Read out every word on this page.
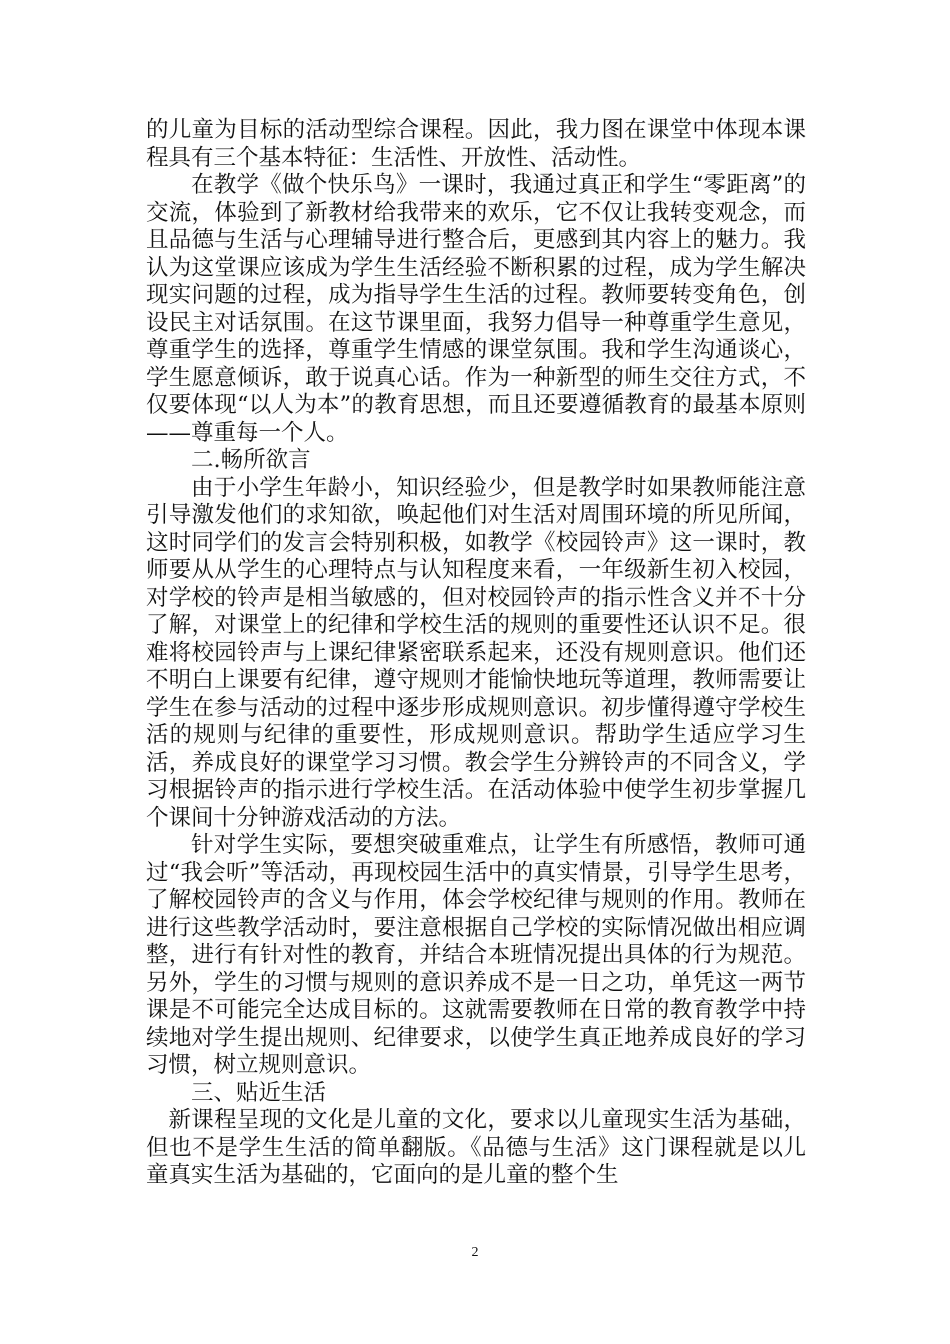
的儿童为目标的活动型综合课程。因此，我力图在课堂中体现本课程具有三个基本特征：生活性、开放性、活动性。

在教学《做个快乐鸟》一课时，我通过真正和学生“零距离”的交流，体验到了新教材给我带来的欢乐，它不仅让我转变观念，而且品德与生活与心理辅导进行整合后，更感到其内容上的魅力。我认为这堂课应该成为学生生活经验不断积累的过程，成为学生解决现实问题的过程，成为指导学生生活的过程。教师要转变角色，创设民主对话氛围。在这节课里面，我努力倡导一种尊重学生意见，尊重学生的选择，尊重学生情感的课堂氛围。我和学生沟通谈心，学生愿意倾诉，敢于说真心话。作为一种新型的师生交往方式，不仅要体现“以人为本”的教育思想，而且还要遵循教育的最基本原则——尊重每一个人。

二.畅所欲言

由于小学生年龄小，知识经验少，但是教学时如果教师能注意引导激发他们的求知欲，唤起他们对生活对周围环境的所见所闻，这时同学们的发言会特别积极，如教学《校园铃声》这一课时，教师要从从学生的心理特点与认知程度来看，一年级新生初入校园，对学校的铃声是相当敏感的，但对校园铃声的指示性含义并不十分了解，对课堂上的纪律和学校生活的规则的重要性还认识不足。很难将校园铃声与上课纪律紧密联系起来，还没有规则意识。他们还不明白上课要有纪律，遵守规则才能愉快地玩等道理，教师需要让学生在参与活动的过程中逐步形成规则意识。初步懂得遵守学校生活的规则与纪律的重要性，形成规则意识。帮助学生适应学习生活，养成良好的课堂学习习惯。教会学生分辨铃声的不同含义，学习根据铃声的指示进行学校生活。在活动体验中使学生初步掌握几个课间十分钟游戏活动的方法。

针对学生实际，要想突破重难点，让学生有所感悟，教师可通过“我会听”等活动，再现校园生活中的真实情景，引导学生思考，了解校园铃声的含义与作用，体会学校纪律与规则的作用。教师在进行这些教学活动时，要注意根据自己学校的实际情况做出相应调整，进行有针对性的教育，并结合本班情况提出具体的行为规范。另外，学生的习惯与规则的意识养成不是一日之功，单凭这一两节课是不可能完全达成目标的。这就需要教师在日常的教育教学中持续地对学生提出规则、纪律要求，以使学生真正地养成良好的学习习惯，树立规则意识。

三、贴近生活

新课程呈现的文化是儿童的文化，要求以儿童现实生活为基础，但也不是学生生活的简单翻版。《品德与生活》这门课程就是以儿童真实生活为基础的，它面向的是儿童的整个生

2
